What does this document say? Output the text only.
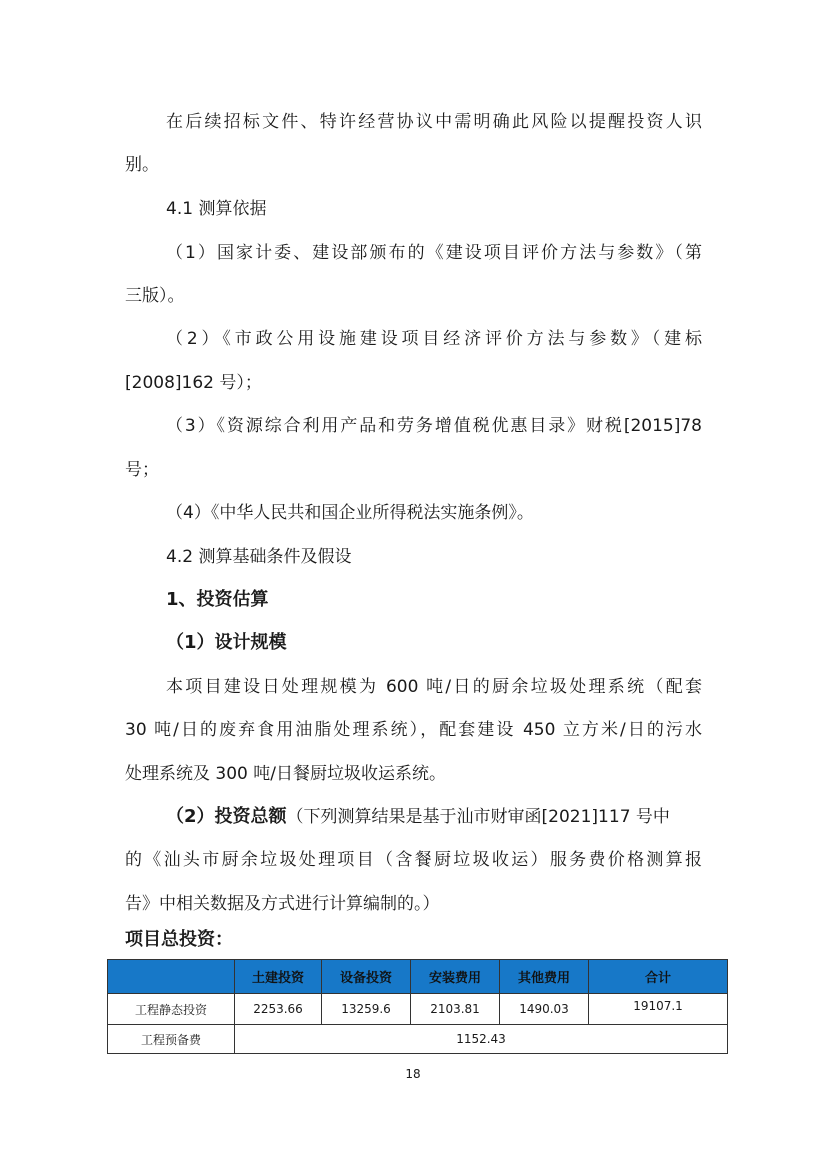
在后续招标文件、特许经营协议中需明确此风险以提醒投资人识
别。
4.1 测算依据
（1）国家计委、建设部颁布的《建设项目评价方法与参数》（第
三版）。
（2）《市政公用设施建设项目经济评价方法与参数》（建标
[2008]162 号）；
（3）《资源综合利用产品和劳务增值税优惠目录》财税[2015]78
号；
（4）《中华人民共和国企业所得税法实施条例》。
4.2 测算基础条件及假设
1、投资估算
（1）设计规模
本项目建设日处理规模为 600 吨/日的厨余垃圾处理系统（配套
30 吨/日的废弃食用油脂处理系统），配套建设 450 立方米/日的污水
处理系统及 300 吨/日餐厨垃圾收运系统。
（2）投资总额（下列测算结果是基于汕市财审函[2021]117 号中
的《汕头市厨余垃圾处理项目（含餐厨垃圾收运）服务费价格测算报
告》中相关数据及方式进行计算编制的。）
项目总投资：
	土建投资	设备投资	安装费用	其他费用	合计
工程静态投资	2253.66	13259.6	2103.81	1490.03	19107.1
工程预备费	1152.43				
18
